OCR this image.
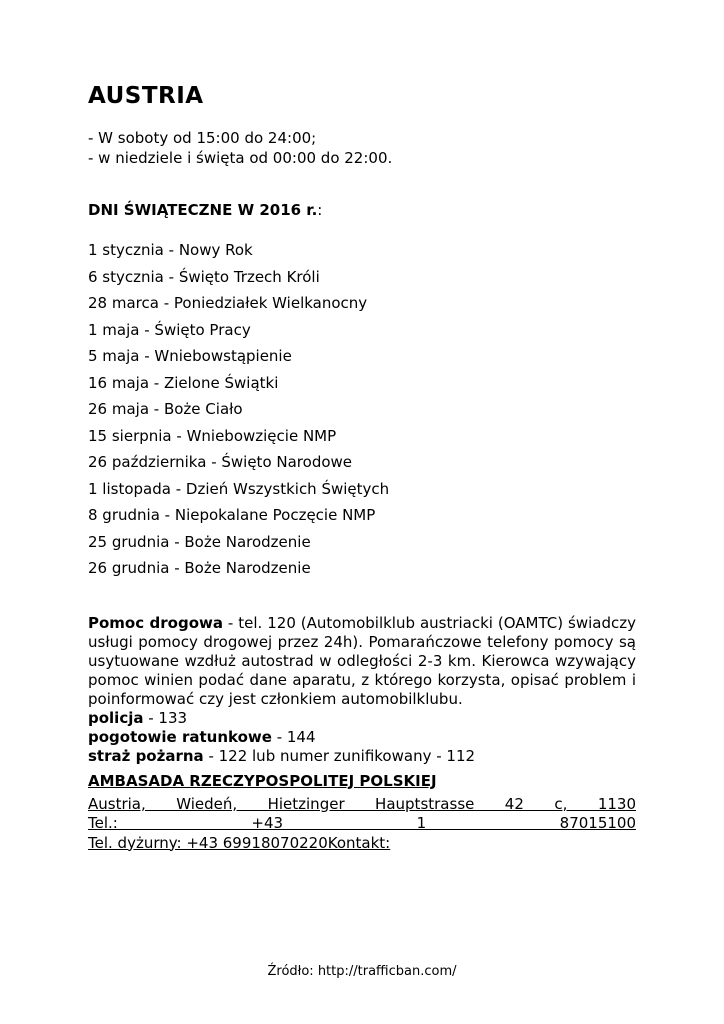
AUSTRIA
- W soboty od 15:00 do 24:00;
- w niedziele i święta od 00:00 do 22:00.
DNI ŚWIĄTECZNE W 2016 r.:
1 stycznia - Nowy Rok
6 stycznia - Święto Trzech Króli
28 marca - Poniedziałek Wielkanocny
1 maja - Święto Pracy
5 maja - Wniebowstąpienie
16 maja - Zielone Świątki
26 maja - Boże Ciało
15 sierpnia - Wniebowzięcie NMP
26 października - Święto Narodowe
1 listopada - Dzień Wszystkich Świętych
8 grudnia - Niepokalane Poczęcie NMP
25 grudnia - Boże Narodzenie
26 grudnia - Boże Narodzenie

Pomoc drogowa - tel. 120 (Automobilklub austriacki (OAMTC) świadczy usługi pomocy drogowej przez 24h). Pomarańczowe telefony pomocy są usytuowane wzdłuż autostrad w odległości 2-3 km. Kierowca wzywający pomoc winien podać dane aparatu, z którego korzysta, opisać problem i poinformować czy jest członkiem automobilklubu.

policja - 133
pogotowie ratunkowe - 144
straż pożarna - 122 lub numer zunifikowany - 112
AMBASADA RZECZYPOSPOLITEJ POLSKIEJ
Austria, Wiedeń, Hietzinger Hauptstrasse 42 c, 1130
Tel.: +43 1 87015100
Tel. dyżurny: +43 69918070220Kontakt:
Źródło: http://trafficban.com/
